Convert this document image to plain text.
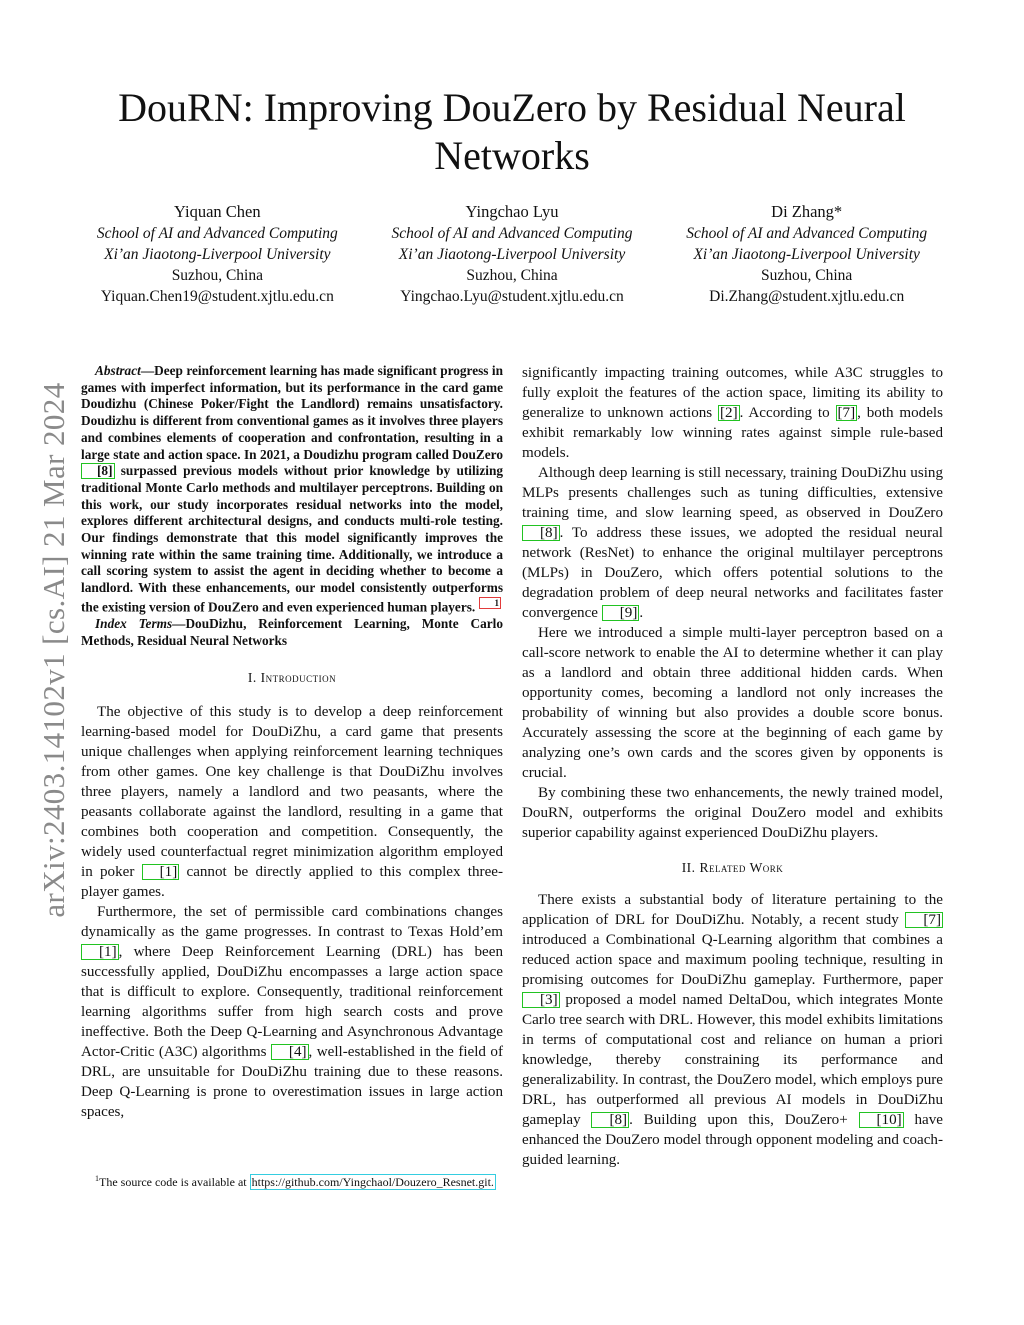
DouRN: Improving DouZero by Residual Neural Networks
Yiquan Chen
School of AI and Advanced Computing
Xi’an Jiaotong-Liverpool University
Suzhou, China
Yiquan.Chen19@student.xjtlu.edu.cn
Yingchao Lyu
School of AI and Advanced Computing
Xi’an Jiaotong-Liverpool University
Suzhou, China
Yingchao.Lyu@student.xjtlu.edu.cn
Di Zhang*
School of AI and Advanced Computing
Xi’an Jiaotong-Liverpool University
Suzhou, China
Di.Zhang@student.xjtlu.edu.cn
arXiv:2403.14102v1 [cs.AI] 21 Mar 2024

Abstract—Deep reinforcement learning has made significant progress in games with imperfect information, but its performance in the card game Doudizhu (Chinese Poker/Fight the Landlord) remains unsatisfactory. Doudizhu is different from conventional games as it involves three players and combines elements of cooperation and confrontation, resulting in a large state and action space. In 2021, a Doudizhu program called DouZero [8] surpassed previous models without prior knowledge by utilizing traditional Monte Carlo methods and multilayer perceptrons. Building on this work, our study incorporates residual networks into the model, explores different architectural designs, and conducts multi-role testing. Our findings demonstrate that this model significantly improves the winning rate within the same training time. Additionally, we introduce a call scoring system to assist the agent in deciding whether to become a landlord. With these enhancements, our model consistently outperforms the existing version of DouZero and even experienced human players. 1

Index Terms—DouDizhu, Reinforcement Learning, Monte Carlo Methods, Residual Neural Networks

I. Introduction

The objective of this study is to develop a deep reinforcement learning-based model for DouDiZhu, a card game that presents unique challenges when applying reinforcement learning techniques from other games. One key challenge is that DouDiZhu involves three players, namely a landlord and two peasants, where the peasants collaborate against the landlord, resulting in a game that combines both cooperation and competition. Consequently, the widely used counterfactual regret minimization algorithm employed in poker [1] cannot be directly applied to this complex three-player games.

Furthermore, the set of permissible card combinations changes dynamically as the game progresses. In contrast to Texas Hold’em [1] , where Deep Reinforcement Learning (DRL) has been successfully applied, DouDiZhu encompasses a large action space that is difficult to explore. Consequently, traditional reinforcement learning algorithms suffer from high search costs and prove ineffective. Both the Deep Q-Learning and Asynchronous Advantage Actor-Critic (A3C) algorithms [4] , well-established in the field of DRL, are unsuitable for DouDiZhu training due to these reasons. Deep Q-Learning is prone to overestimation issues in large action spaces,

$^1$The source code is available at https://github.com/Yingchaol/Douzero_Resnet.git.

significantly impacting training outcomes, while A3C struggles to fully exploit the features of the action space, limiting its ability to generalize to unknown actions [2] . According to [7] , both models exhibit remarkably low winning rates against simple rule-based models.

Although deep learning is still necessary, training DouDiZhu using MLPs presents challenges such as tuning difficulties, extensive training time, and slow learning speed, as observed in DouZero [8] . To address these issues, we adopted the residual neural network (ResNet) to enhance the original multilayer perceptrons (MLPs) in DouZero, which offers potential solutions to the degradation problem of deep neural networks and facilitates faster convergence [9] .

Here we introduced a simple multi-layer perceptron based on a call-score network to enable the AI to determine whether it can play as a landlord and obtain three additional hidden cards. When opportunity comes, becoming a landlord not only increases the probability of winning but also provides a double score bonus. Accurately assessing the score at the beginning of each game by analyzing one’s own cards and the scores given by opponents is crucial.

By combining these two enhancements, the newly trained model, DouRN, outperforms the original DouZero model and exhibits superior capability against experienced DouDiZhu players.

II. Related Work

There exists a substantial body of literature pertaining to the application of DRL for DouDiZhu. Notably, a recent study [7] introduced a Combinational Q-Learning algorithm that combines a reduced action space and maximum pooling technique, resulting in promising outcomes for DouDiZhu gameplay. Furthermore, paper [3] proposed a model named DeltaDou, which integrates Monte Carlo tree search with DRL. However, this model exhibits limitations in terms of computational cost and reliance on human a priori knowledge, thereby constraining its performance and generalizability. In contrast, the DouZero model, which employs pure DRL, has outperformed all previous AI models in DouDiZhu gameplay [8] . Building upon this, DouZero+ [10] have enhanced the DouZero model through opponent modeling and coach-guided learning.
